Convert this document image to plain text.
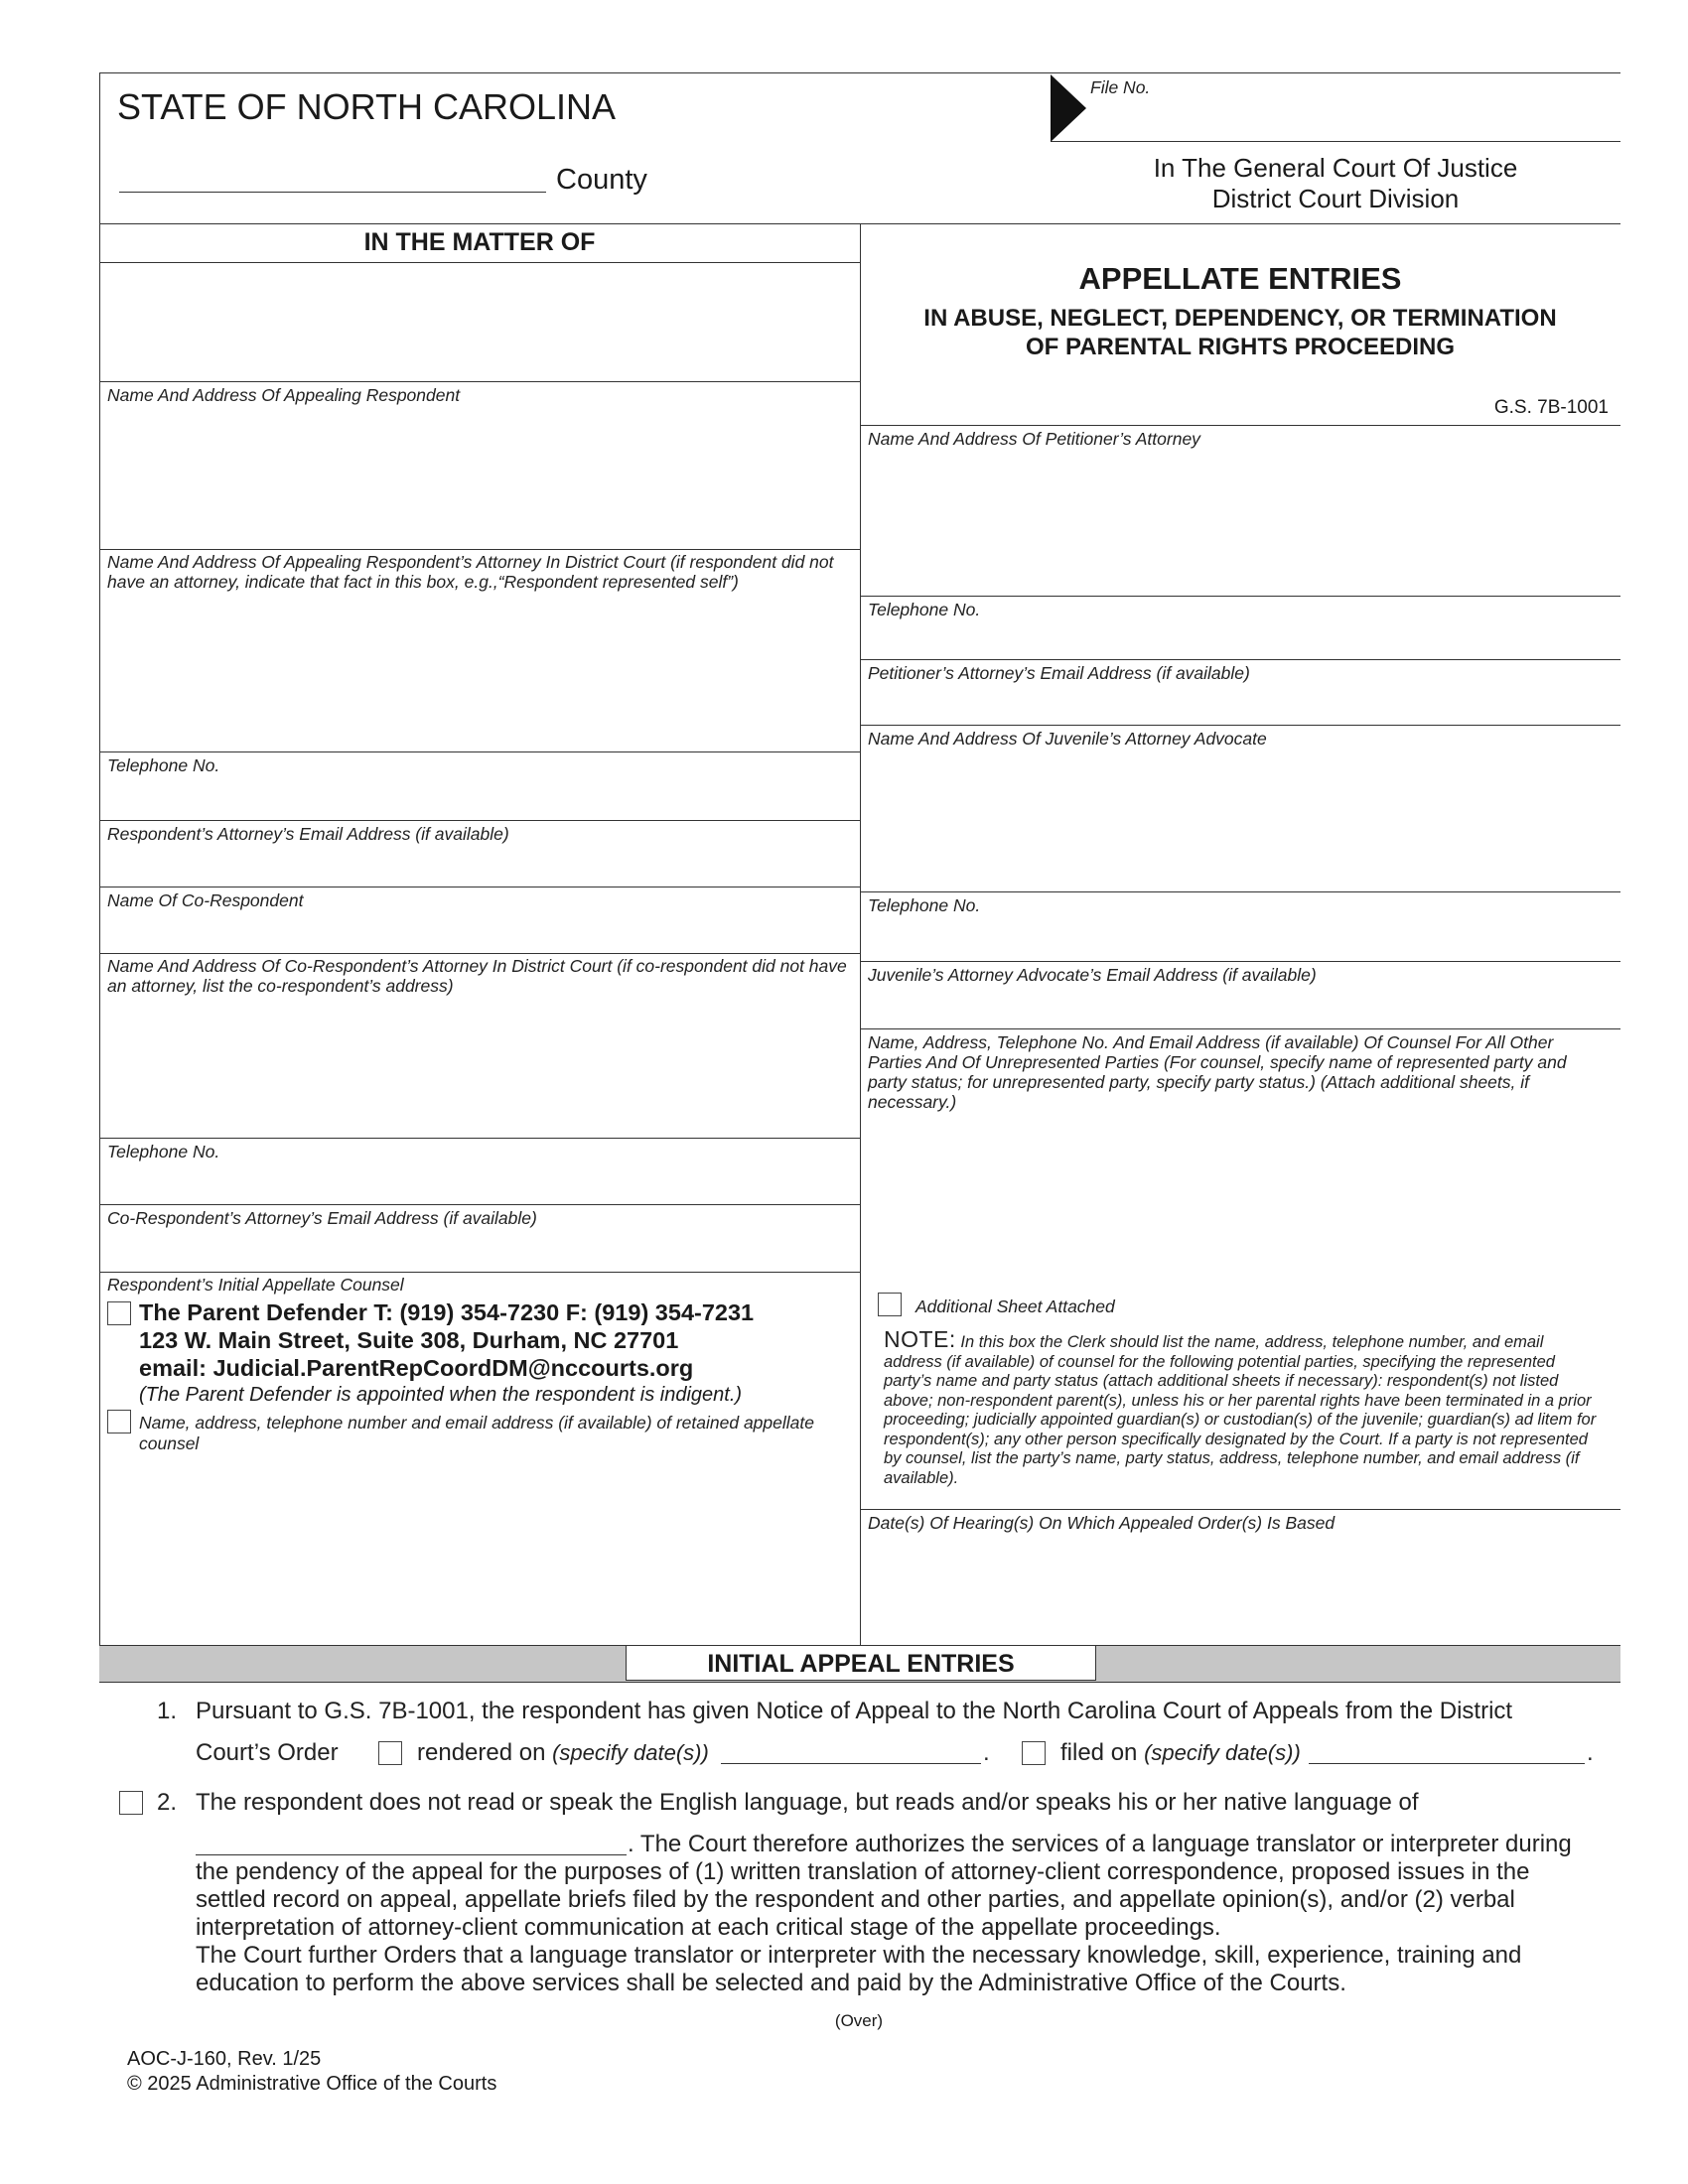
STATE OF NORTH CAROLINA
County
File No.
In The General Court Of Justice
District Court Division
IN THE MATTER OF
Name And Address Of Appealing Respondent
Name And Address Of Appealing Respondent’s Attorney In District Court (if respondent did not have an attorney, indicate that fact in this box, e.g.,“Respondent represented self”)
Telephone No.
Respondent’s Attorney’s Email Address (if available)
Name Of Co-Respondent
Name And Address Of Co-Respondent’s Attorney In District Court (if co-respondent did not have an attorney, list the co-respondent’s address)
Telephone No.
Co-Respondent’s Attorney’s Email Address (if available)
Respondent’s Initial Appellate Counsel
The Parent Defender T: (919) 354-7230 F: (919) 354-7231
123 W. Main Street, Suite 308, Durham, NC 27701
email: Judicial.ParentRepCoordDM@nccourts.org
(The Parent Defender is appointed when the respondent is indigent.)
Name, address, telephone number and email address (if available) of retained appellate counsel
APPELLATE ENTRIES
IN ABUSE, NEGLECT, DEPENDENCY, OR TERMINATION
OF PARENTAL RIGHTS PROCEEDING
G.S. 7B-1001
Name And Address Of Petitioner’s Attorney
Telephone No.
Petitioner’s Attorney’s Email Address (if available)
Name And Address Of Juvenile’s Attorney Advocate
Telephone No.
Juvenile’s Attorney Advocate’s Email Address (if available)
Name, Address, Telephone No. And Email Address (if available) Of Counsel For All Other Parties And Of Unrepresented Parties (For counsel, specify name of represented party and party status; for unrepresented party, specify party status.) (Attach additional sheets, if necessary.)
Additional Sheet Attached
NOTE: In this box the Clerk should list the name, address, telephone number, and email address (if available) of counsel for the following potential parties, specifying the represented party’s name and party status (attach additional sheets if necessary): respondent(s) not listed above; non-respondent parent(s), unless his or her parental rights have been terminated in a prior proceeding; judicially appointed guardian(s) or custodian(s) of the juvenile; guardian(s) ad litem for respondent(s); any other person specifically designated by the Court. If a party is not represented by counsel, list the party’s name, party status, address, telephone number, and email address (if available).
Date(s) Of Hearing(s) On Which Appealed Order(s) Is Based
INITIAL APPEAL ENTRIES
1. Pursuant to G.S. 7B-1001, the respondent has given Notice of Appeal to the North Carolina Court of Appeals from the District
Court’s Order	rendered on (specify date(s))	.	filed on (specify date(s))	.
2. The respondent does not read or speak the English language, but reads and/or speaks his or her native language of
. The Court therefore authorizes the services of a language translator or interpreter during
the pendency of the appeal for the purposes of (1) written translation of attorney-client correspondence, proposed issues in the
settled record on appeal, appellate briefs filed by the respondent and other parties, and appellate opinion(s), and/or (2) verbal
interpretation of attorney-client communication at each critical stage of the appellate proceedings.
The Court further Orders that a language translator or interpreter with the necessary knowledge, skill, experience, training and
education to perform the above services shall be selected and paid by the Administrative Office of the Courts.
(Over)
AOC-J-160, Rev. 1/25
© 2025 Administrative Office of the Courts
